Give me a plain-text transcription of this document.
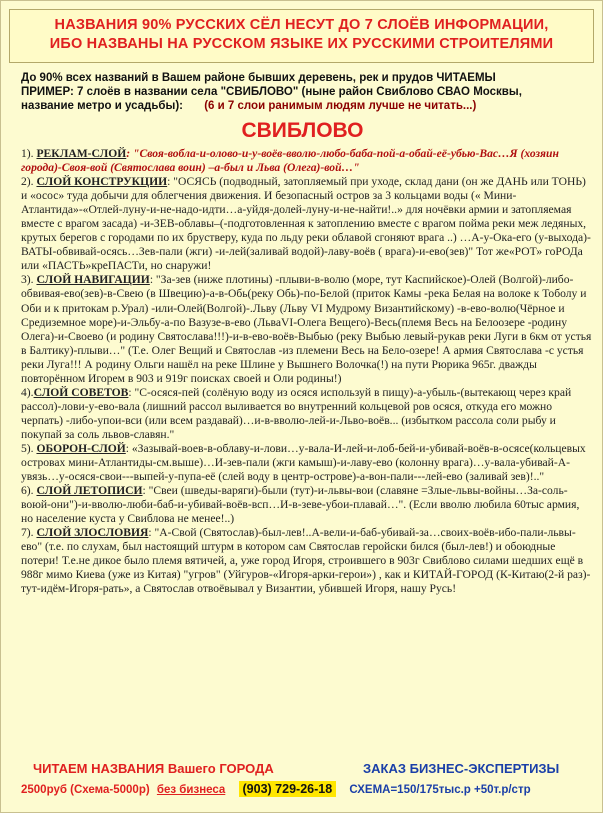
НАЗВАНИЯ 90% РУССКИХ СЁЛ НЕСУТ ДО 7 СЛОЁВ ИНФОРМАЦИИ,
ИБО НАЗВАНЫ НА РУССКОМ ЯЗЫКЕ ИХ РУССКИМИ СТРОИТЕЛЯМИ
До 90% всех названий в Вашем районе бывших деревень, рек и прудов ЧИТАЕМЫ
ПРИМЕР: 7 слоёв в названии села "СВИБЛОВО" (ныне район Свиблово СВАО Москвы,
название метро и усадьбы): (6 и 7 слои ранимым людям лучше не читать...)
СВИБЛОВО

1). РЕКЛАМ-СЛОЙ: "Своя-вобла-и-олово-и-у-воёв-вволю-любо-баба-пой-а-обай-её-убью-Вас…Я (хозяин города)-Своя-вой (Святослава воин) –а-был и Льва (Олега)-вой…"

2). СЛОЙ КОНСТРУКЦИИ: "ОСЯСЬ (подводный, затопляемый при уходе, склад дани (он же ДАНЬ или ТОНЬ) и «осос» туда добычи для облегчения движения. И безопасный остров за 3 кольцами воды (« Мини-Атлантида»-«Отлей-луну-и-не-надо-идти…а-уйдя-долей-луну-и-не-найти!..» для ночёвки армии и затопляемая вместе с врагом засада) -и-ЗЕВ-облавы–(-подготовленная к затоплению вместе с врагом пойма реки меж ледяных, крутых берегов с городами по их брустверу, куда по льду реки облавой сгоняют врага ..) …А-у-Окa-его (у-выхода)-ВАТЫ-обвивай-осясь…Зев-пали (жги) -и-лей(заливай водой)-лаву-воёв ( врага)-и-ево(зев)" Тот же«РОТ» гоРОДа или «ПАСТЬ»креПАСТи, но снаружи!

3). СЛОЙ НАВИГАЦИИ: "За-зев (ниже плотины) -плыви-в-волю (море, тут Каспийское)-Олей (Волгой)-либо-обвивая-ево(зев)-в-Свею (в Швецию)-а-в-Обь(реку Обь)-по-Белой (приток Камы -река Белая на волоке к Тоболу и Оби и к притокам р.Урал) -или-Олей(Волгой)-.Льву (Льву VI Мудрому Византийскому) -в-ево-волю(Чёрное и Средиземное море)-и-Эльбу-а-по Вазузе-в-ево (ЛьваVI-Олега Вещего)-Весь(племя Весь на Белоозере -родину Олега)-и-Своево (и родину Святослава!!!)-и-в-ево-воёв-Выбью (реку Выбью левый-рукав реки Луги в 6км от устья в Балтику)-плыви…" (Т.е. Олег Вещий и Святослав -из племени Весь на Бело-озере! А армия Святослава -с устья реки Луга!!! А родину Ольги нашёл на реке Шлине у Вышнего Волочка(!) на пути Рюрика 965г. дважды повторённом Игорем в 903 и 919г поисках своей и Оли родины!)

4).СЛОЙ СОВЕТОВ: "С-осяся-пей (солёную воду из осяся используй в пищу)-а-убыль-(вытекающ через край рассол)-лови-у-ево-вала (лишний рассол выливается во внутренний кольцевой ров осяся, откуда его можно черпать) -либо-упои-вси (или всем раздавай)…и-в-вволю-лей-и-Льво-воёв... (избытком рассола соли рыбу и покупай за соль львов-славян."

5). ОБОРОН-СЛОЙ: «Зазывай-воев-в-облаву-и-лови…у-вала-И-лей-и-лоб-бей-и-убивай-воёв-в-осясе(кольцевых островах мини-Атлантиды-см.выше)…И-зев-пали (жги камыш)-и-лаву-ево (колонну врага)…у-вала-убивай-А-увязь…у-осяся-свои---выпей-у-пупа-её (слей воду в центр-острове)-а-вон-пали---лей-ево (заливай зев)!.."

6). СЛОЙ ЛЕТОПИСИ: "Свеи (шведы-варяги)-были (тут)-и-львы-вои (славяне =Злые-львы-войны…За-соль-воюй-они")-и-вволю-люби-баб-и-убивай-воёв-всп…И-в-зеве-убои-плавай…". (Если вволю любила 60тыс армия, но население куста у Свиблова не менее!..)

7). СЛОЙ ЗЛОСЛОВИЯ: "А-Свой (Святослав)-был-лев!..А-вели-и-баб-убивай-за…своих-воёв-ибо-пали-львы-ево" (т.е. по слухам, был настоящий штурм в котором сам Святослав геройски бился (был-лев!) и обоюдные потери! Т.е.не дикое было племя вятичей, а, уже город Игоря, строившего в 903г Свиблово силами шедших ещё в 988г мимо Киева (уже из Китая) "угров" (Уйгуров-«Игоря-арки-герои») , как и КИТАЙ-ГОРОД (К-Китаю(2-й раз)-тут-идём-Игоря-рать», а Святослав отвоёвывал у Византии, убившей Игоря, нашу Русь!

ЧИТАЕМ НАЗВАНИЯ Вашего ГОРОДА	ЗАКАЗ БИЗНЕС-ЭКСПЕРТИЗЫ
2500руб (Схема-5000р) без бизнеса (903) 729-26-18 СХЕМА=150/175тыс.р +50т.р/стр
